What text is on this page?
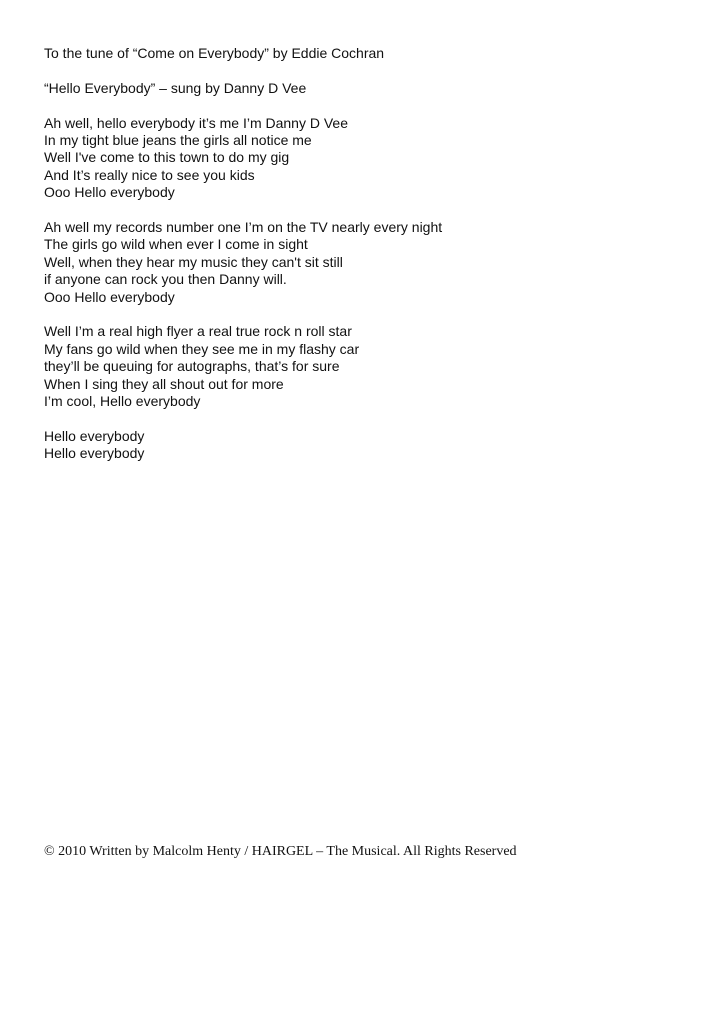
To the tune of “Come on Everybody” by Eddie Cochran

“Hello Everybody” – sung by Danny D Vee

Ah well, hello everybody it’s me I’m Danny D Vee

In my tight blue jeans the girls all notice me

Well I've come to this town to do my gig

And It’s really nice to see you kids

Ooo Hello everybody

Ah well my records number one I’m on the TV nearly every night

The girls go wild when ever I come in sight

Well, when they hear my music they can't sit still

if anyone can rock you then Danny will.

Ooo Hello everybody

Well I’m a real high flyer a real true rock n roll star

My fans go wild when they see me in my flashy car

they’ll be queuing for autographs, that’s for sure

When I sing they all shout out for more

I’m cool, Hello everybody

Hello everybody

Hello everybody

© 2010 Written by Malcolm Henty / HAIRGEL – The Musical. All Rights Reserved
